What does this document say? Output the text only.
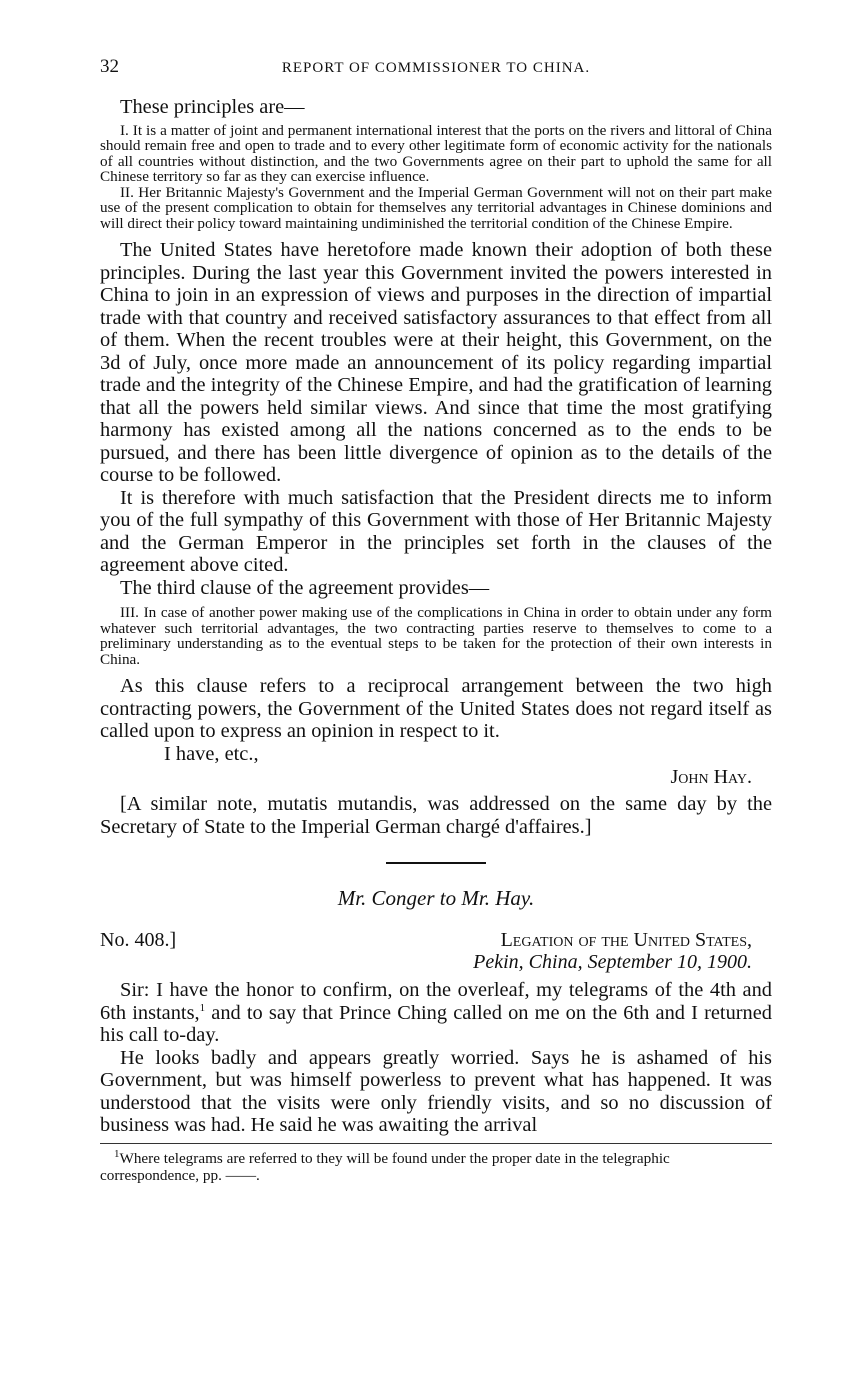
32	REPORT OF COMMISSIONER TO CHINA.

These principles are—

I. It is a matter of joint and permanent international interest that the ports on the rivers and littoral of China should remain free and open to trade and to every other legitimate form of economic activity for the nationals of all countries without distinction, and the two Governments agree on their part to uphold the same for all Chinese territory so far as they can exercise influence.

II. Her Britannic Majesty's Government and the Imperial German Government will not on their part make use of the present complication to obtain for themselves any territorial advantages in Chinese dominions and will direct their policy toward maintaining undiminished the territorial condition of the Chinese Empire.

The United States have heretofore made known their adoption of both these principles. During the last year this Government invited the powers interested in China to join in an expression of views and purposes in the direction of impartial trade with that country and received satisfactory assurances to that effect from all of them. When the recent troubles were at their height, this Government, on the 3d of July, once more made an announcement of its policy regarding impartial trade and the integrity of the Chinese Empire, and had the gratification of learning that all the powers held similar views. And since that time the most gratifying harmony has existed among all the nations concerned as to the ends to be pursued, and there has been little divergence of opinion as to the details of the course to be followed.

It is therefore with much satisfaction that the President directs me to inform you of the full sympathy of this Government with those of Her Britannic Majesty and the German Emperor in the principles set forth in the clauses of the agreement above cited.

The third clause of the agreement provides—

III. In case of another power making use of the complications in China in order to obtain under any form whatever such territorial advantages, the two contracting parties reserve to themselves to come to a preliminary understanding as to the eventual steps to be taken for the protection of their own interests in China.

As this clause refers to a reciprocal arrangement between the two high contracting powers, the Government of the United States does not regard itself as called upon to express an opinion in respect to it.

I have, etc.,

John Hay.

[A similar note, mutatis mutandis, was addressed on the same day by the Secretary of State to the Imperial German chargé d'affaires.]

Mr. Conger to Mr. Hay.
No. 408.]	Legation of the United States,
Pekin, China, September 10, 1900.

Sir: I have the honor to confirm, on the overleaf, my telegrams of the 4th and 6th instants,$^1$ and to say that Prince Ching called on me on the 6th and I returned his call to-day.

He looks badly and appears greatly worried. Says he is ashamed of his Government, but was himself powerless to prevent what has happened. It was understood that the visits were only friendly visits, and so no discussion of business was had. He said he was awaiting the arrival

$^1$Where telegrams are referred to they will be found under the proper date in the telegraphic correspondence, pp. ——.
